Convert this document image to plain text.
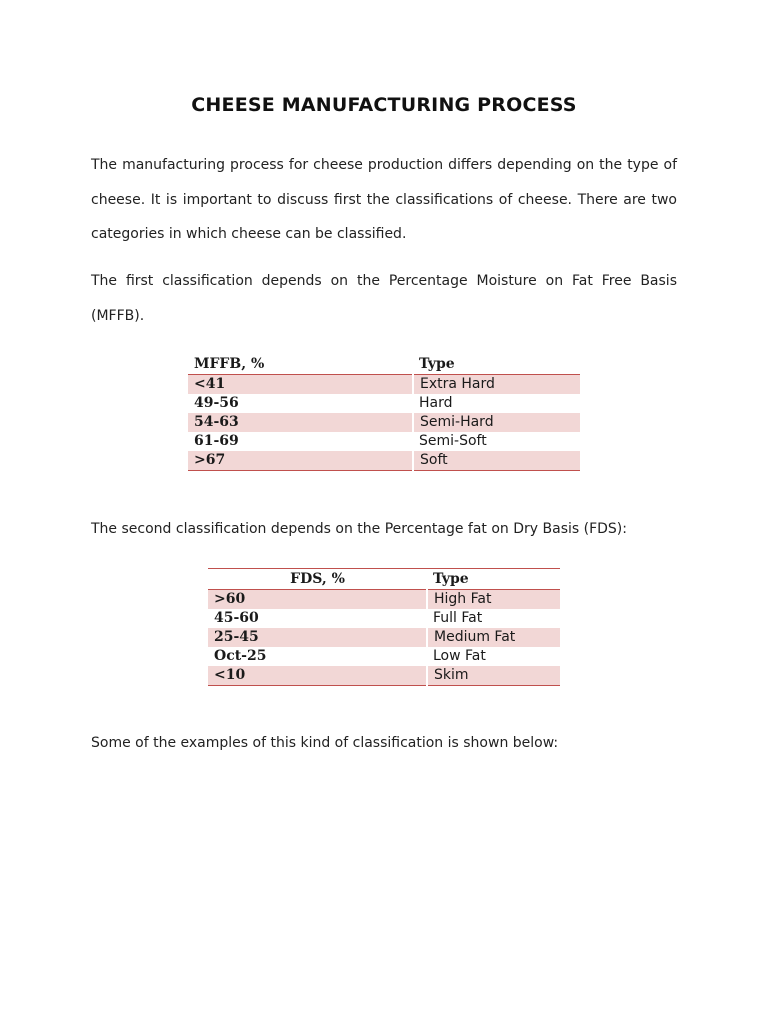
CHEESE MANUFACTURING PROCESS

The manufacturing process for cheese production differs depending on the type of cheese. It is important to discuss first the classifications of cheese. There are two categories in which cheese can be classified.

The first classification depends on the Percentage Moisture on Fat Free Basis (MFFB).

MFFB, %	Type
<41	Extra Hard
49-56	Hard
54-63	Semi-Hard
61-69	Semi-Soft
>67	Soft

The second classification depends on the Percentage fat on Dry Basis (FDS):

FDS, %	Type
>60	High Fat
45-60	Full Fat
25-45	Medium Fat
Oct-25	Low Fat
<10	Skim

Some of the examples of this kind of classification is shown below:
